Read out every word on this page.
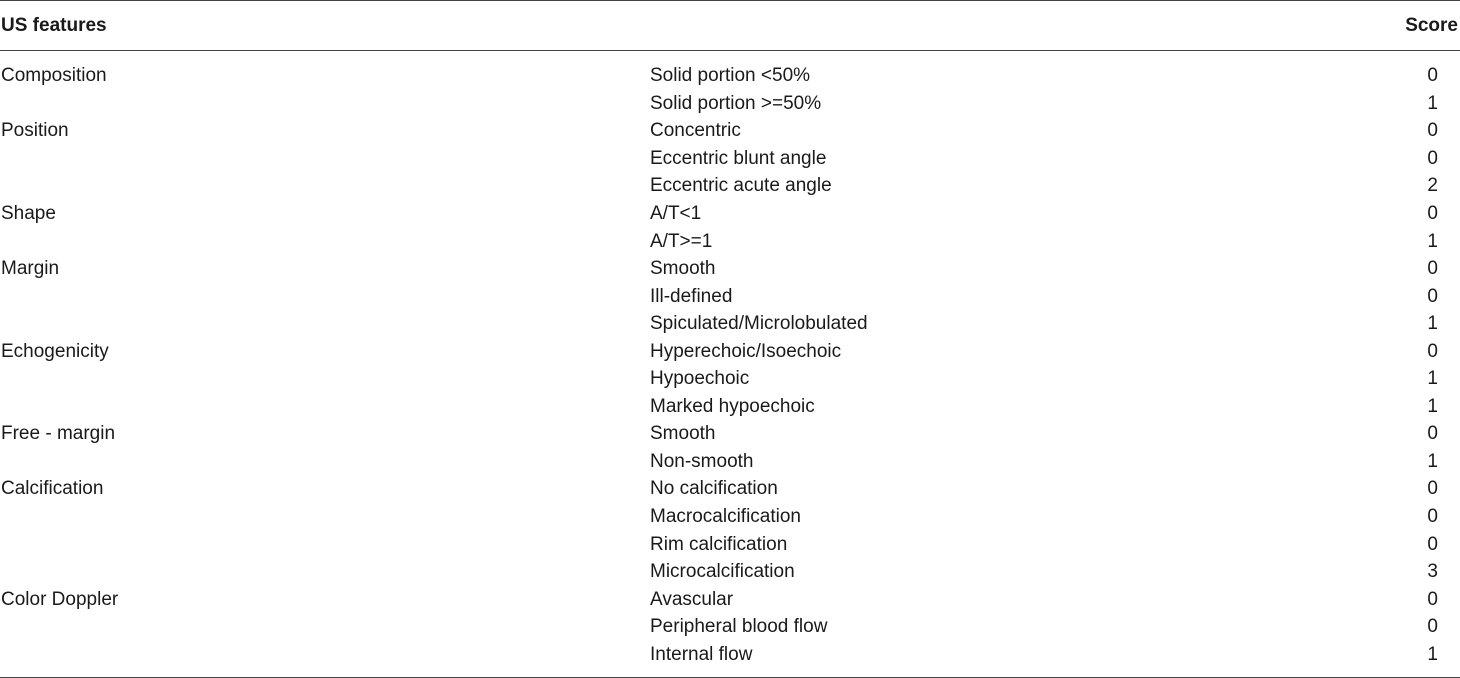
US features		Score
Composition	Solid portion <50%	0
	Solid portion >=50%	1
Position	Concentric	0
	Eccentric blunt angle	0
	Eccentric acute angle	2
Shape	A/T<1	0
	A/T>=1	1
Margin	Smooth	0
	Ill-defined	0
	Spiculated/Microlobulated	1
Echogenicity	Hyperechoic/Isoechoic	0
	Hypoechoic	1
	Marked hypoechoic	1
Free - margin	Smooth	0
	Non-smooth	1
Calcification	No calcification	0
	Macrocalcification	0
	Rim calcification	0
	Microcalcification	3
Color Doppler	Avascular	0
	Peripheral blood flow	0
	Internal flow	1
